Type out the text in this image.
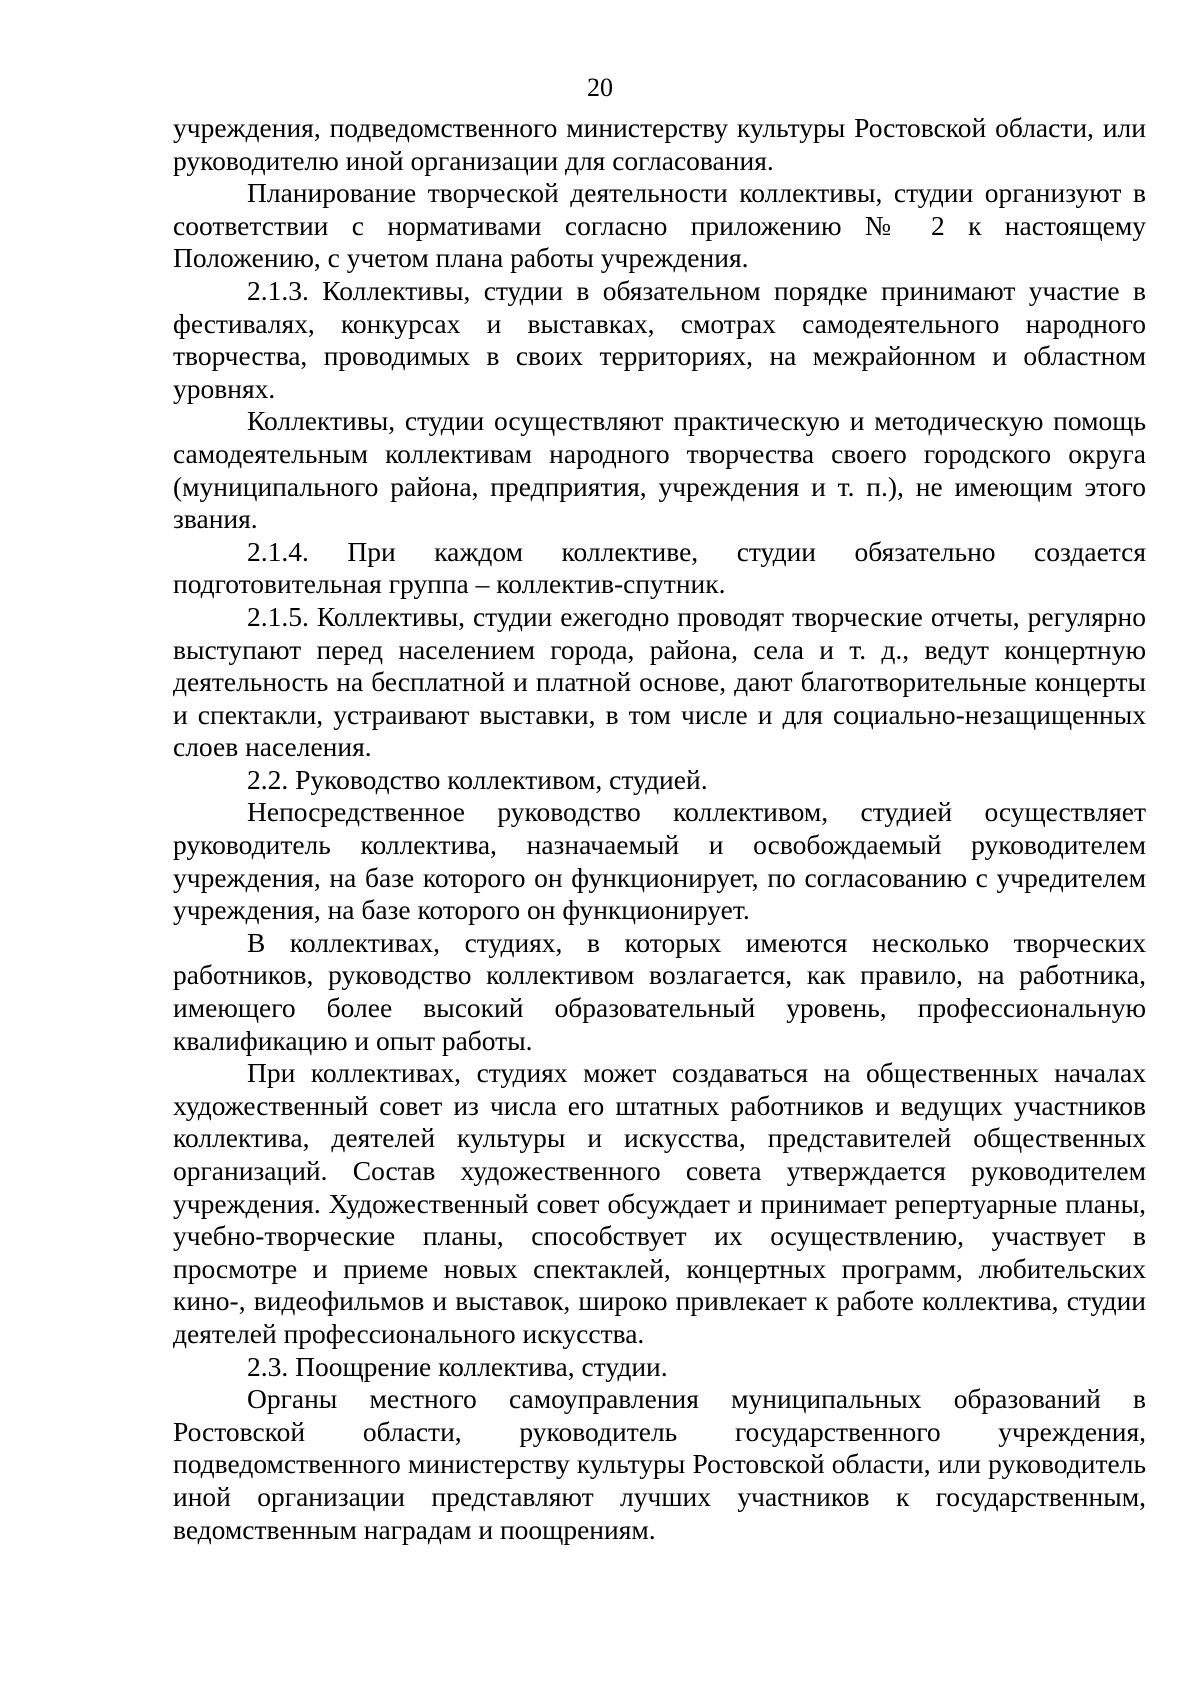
20

учреждения, подведомственного министерству культуры Ростовской области, или руководителю иной организации для согласования.

Планирование творческой деятельности коллективы, студии организуют в соответствии с нормативами согласно приложению № 2 к настоящему Положению, с учетом плана работы учреждения.

2.1.3. Коллективы, студии в обязательном порядке принимают участие в фестивалях, конкурсах и выставках, смотрах самодеятельного народного творчества, проводимых в своих территориях, на межрайонном и областном уровнях.

Коллективы, студии осуществляют практическую и методическую помощь самодеятельным коллективам народного творчества своего городского округа (муниципального района, предприятия, учреждения и т. п.), не имеющим этого звания.

2.1.4. При каждом коллективе, студии обязательно создается подготовительная группа – коллектив-спутник.

2.1.5. Коллективы, студии ежегодно проводят творческие отчеты, регулярно выступают перед населением города, района, села и т. д., ведут концертную деятельность на бесплатной и платной основе, дают благотворительные концерты и спектакли, устраивают выставки, в том числе и для социально-незащищенных слоев населения.

2.2. Руководство коллективом, студией.

Непосредственное руководство коллективом, студией осуществляет руководитель коллектива, назначаемый и освобождаемый руководителем учреждения, на базе которого он функционирует, по согласованию с учредителем учреждения, на базе которого он функционирует.

В коллективах, студиях, в которых имеются несколько творческих работников, руководство коллективом возлагается, как правило, на работника, имеющего более высокий образовательный уровень, профессиональную квалификацию и опыт работы.

При коллективах, студиях может создаваться на общественных началах художественный совет из числа его штатных работников и ведущих участников коллектива, деятелей культуры и искусства, представителей общественных организаций. Состав художественного совета утверждается руководителем учреждения. Художественный совет обсуждает и принимает репертуарные планы, учебно-творческие планы, способствует их осуществлению, участвует в просмотре и приеме новых спектаклей, концертных программ, любительских кино-, видеофильмов и выставок, широко привлекает к работе коллектива, студии деятелей профессионального искусства.

2.3. Поощрение коллектива, студии.

Органы местного самоуправления муниципальных образований в Ростовской области, руководитель государственного учреждения, подведомственного министерству культуры Ростовской области, или руководитель иной организации представляют лучших участников к государственным, ведомственным наградам и поощрениям.
